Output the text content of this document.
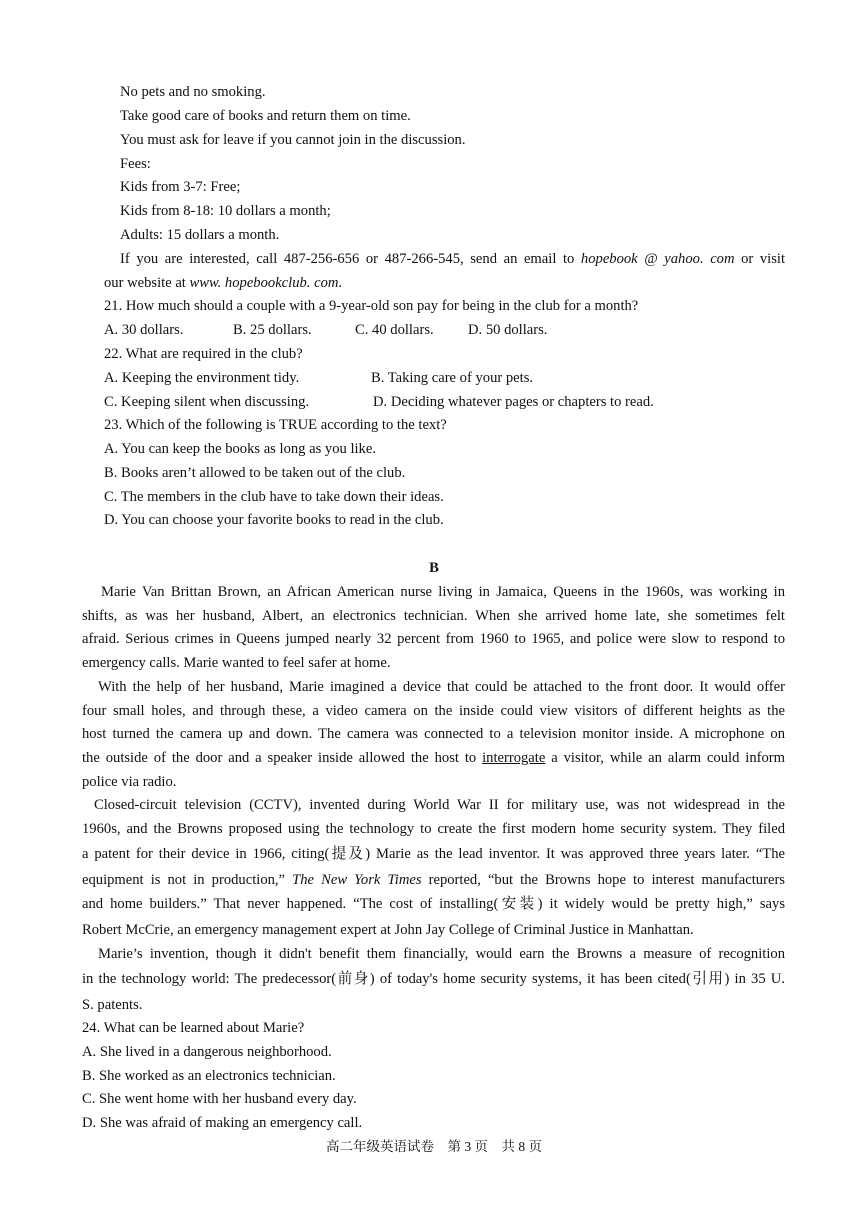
No pets and no smoking.
Take good care of books and return them on time.
You must ask for leave if you cannot join in the discussion.
Fees:
Kids from 3-7: Free;
Kids from 8-18: 10 dollars a month;
Adults: 15 dollars a month.
If you are interested, call 487-256-656 or 487-266-545, send an email to hopebook @ yahoo. com or visit
our website at www. hopebookclub. com.
21. How much should a couple with a 9-year-old son pay for being in the club for a month?
A. 30 dollars.	B. 25 dollars.	C. 40 dollars. D. 50 dollars.
22. What are required in the club?
A. Keeping the environment tidy.	B. Taking care of your pets.
C. Keeping silent when discussing.	D. Deciding whatever pages or chapters to read.
23. Which of the following is TRUE according to the text?
A. You can keep the books as long as you like.
B. Books aren’t allowed to be taken out of the club.
C. The members in the club have to take down their ideas.
D. You can choose your favorite books to read in the club.
B
Marie Van Brittan Brown, an African American nurse living in Jamaica, Queens in the 1960s, was working in
shifts, as was her husband, Albert, an electronics technician. When she arrived home late, she sometimes felt
afraid. Serious crimes in Queens jumped nearly 32 percent from 1960 to 1965, and police were slow to respond to
emergency calls. Marie wanted to feel safer at home.
With the help of her husband, Marie imagined a device that could be attached to the front door. It would offer
four small holes, and through these, a video camera on the inside could view visitors of different heights as the
host turned the camera up and down. The camera was connected to a television monitor inside. A microphone on
the outside of the door and a speaker inside allowed the host to interrogate a visitor, while an alarm could inform
police via radio.
Closed-circuit television (CCTV), invented during World War II for military use, was not widespread in the
1960s, and the Browns proposed using the technology to create the first modern home security system. They filed
a patent for their device in 1966, citing(提及) Marie as the lead inventor. It was approved three years later. “The
equipment is not in production,” The New York Times reported, “but the Browns hope to interest manufacturers
and home builders.” That never happened. “The cost of installing(安装) it widely would be pretty high,” says
Robert McCrie, an emergency management expert at John Jay College of Criminal Justice in Manhattan.
Marie’s invention, though it didn't benefit them financially, would earn the Browns a measure of recognition
in the technology world: The predecessor(前身) of today's home security systems, it has been cited(引用) in 35 U.
S. patents.
24. What can be learned about Marie?
A. She lived in a dangerous neighborhood.
B. She worked as an electronics technician.
C. She went home with her husband every day.
D. She was afraid of making an emergency call.
高二年级英语试卷　第 3 页　共 8 页
